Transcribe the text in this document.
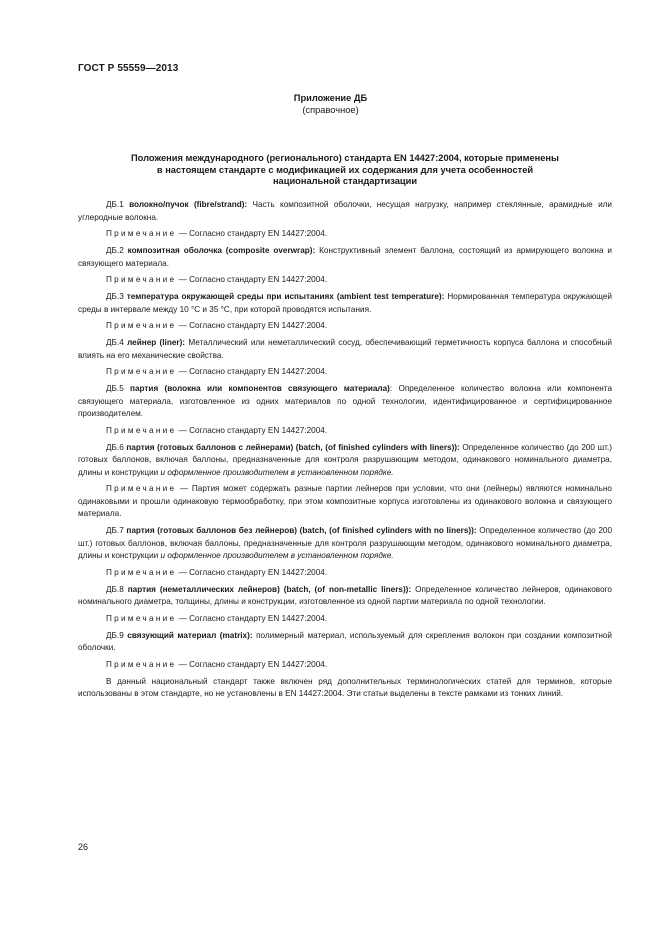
ГОСТ Р 55559—2013
Приложение ДБ
(справочное)
Положения международного (регионального) стандарта EN 14427:2004, которые применены
в настоящем стандарте с модификацией их содержания для учета особенностей
национальной стандартизации

ДБ.1 волокно/пучок (fibre/strand): Часть композитной оболочки, несущая нагрузку, например стеклянные, арамидные или углеродные волокна.

Примечание — Согласно стандарту EN 14427:2004.

ДБ.2 композитная оболочка (composite overwrap): Конструктивный элемент баллона, состоящий из армирующего волокна и связующего материала.

Примечание — Согласно стандарту EN 14427:2004.

ДБ.3 температура окружающей среды при испытаниях (ambient test temperature): Нормированная температура окружающей среды в интервале между 10 °С и 35 °С, при которой проводятся испытания.

Примечание — Согласно стандарту EN 14427:2004.

ДБ.4 лейнер (liner): Металлический или неметаллический сосуд, обеспечивающий герметичность корпуса баллона и способный влиять на его механические свойства.

Примечание — Согласно стандарту EN 14427:2004.

ДБ.5 партия (волокна или компонентов связующего материала): Определенное количество волокна или компонента связующего материала, изготовленное из одних материалов по одной технологии, идентифицированное и сертифицированное производителем.

Примечание — Согласно стандарту EN 14427:2004.

ДБ.6 партия (готовых баллонов с лейнерами) (batch, (of finished cylinders with liners)): Определенное количество (до 200 шт.) готовых баллонов, включая баллоны, предназначенные для контроля разрушающим методом, одинакового номинального диаметра, длины и конструкции и оформленное производителем в установленном порядке.

Примечание — Партия может содержать разные партии лейнеров при условии, что они (лейнеры) являются номинально одинаковыми и прошли одинаковую термообработку, при этом композитные корпуса изготовлены из одинакового волокна и связующего материала.

ДБ.7 партия (готовых баллонов без лейнеров) (batch, (of finished cylinders with no liners)): Определенное количество (до 200 шт.) готовых баллонов, включая баллоны, предназначенные для контроля разрушающим методом, одинакового номинального диаметра, длины и конструкции и оформленное производителем в установленном порядке.

Примечание — Согласно стандарту EN 14427:2004.

ДБ.8 партия (неметаллических лейнеров) (batch, (of non-metallic liners)): Определенное количество лейнеров, одинакового номинального диаметра, толщины, длины и конструкции, изготовленное из одной партии материала по одной технологии.

Примечание — Согласно стандарту EN 14427:2004.

ДБ.9 связующий материал (matrix): полимерный материал, используемый для скрепления волокон при создании композитной оболочки.

Примечание — Согласно стандарту EN 14427:2004.

В данный национальный стандарт также включен ряд дополнительных терминологических статей для терминов, которые использованы в этом стандарте, но не установлены в EN 14427:2004. Эти статьи выделены в тексте рамками из тонких линий.

26
